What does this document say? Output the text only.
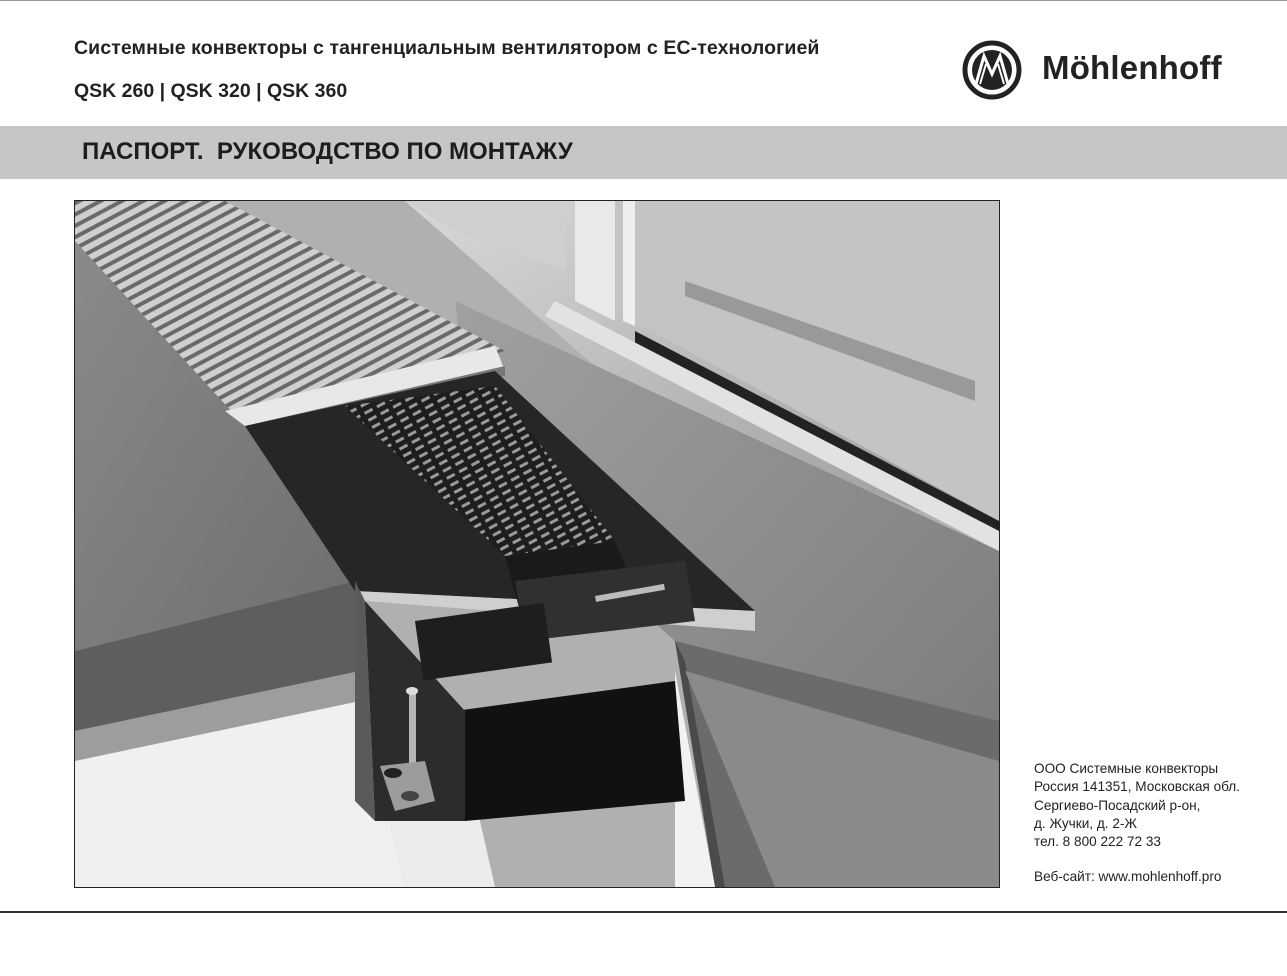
Системные конвекторы с тангенциальным вентилятором с EC-технологией
QSK 260 | QSK 320 | QSK 360
Möhlenhoff
ПАСПОРТ.  РУКОВОДСТВО ПО МОНТАЖУ
ООО Системные конвекторы
Россия 141351, Московская обл.
Сергиево-Посадский р-он,
д. Жучки, д. 2-Ж
тел. 8 800 222 72 33
Веб-сайт: www.mohlenhoff.pro
